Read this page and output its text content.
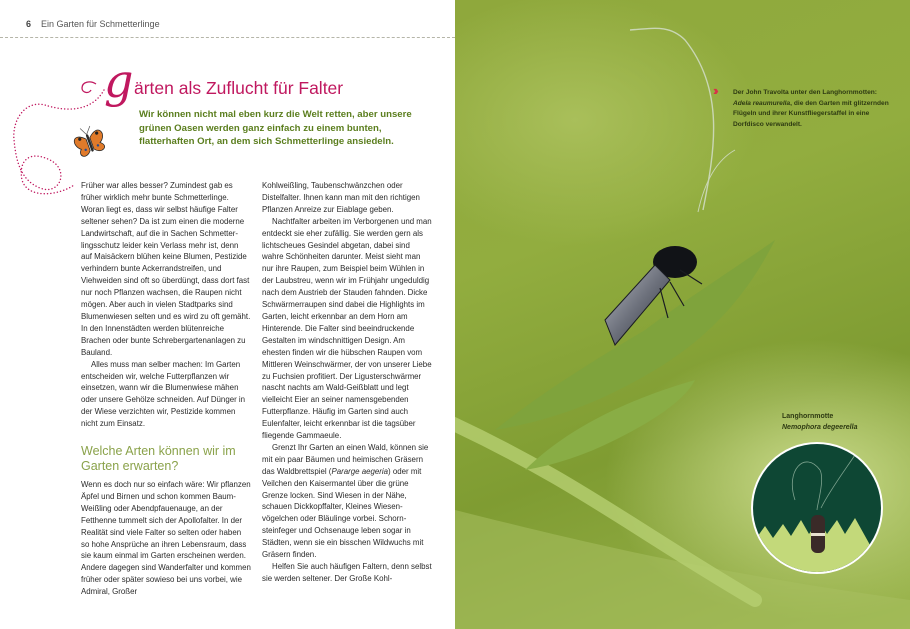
6 Ein Garten für Schmetterlinge
g ärten als Zuflucht für Falter
Wir können nicht mal eben kurz die Welt retten, aber unsere grünen Oasen werden ganz einfach zu einem bunten, flatterhaften Ort, an dem sich Schmetterlinge ansiedeln.

Früher war alles besser? Zumindest gab es früher wirklich mehr bunte Schmetterlinge. Woran liegt es, dass wir selbst häufige Falter seltener sehen? Da ist zum einen die moderne Landwirtschaft, auf die in Sachen Schmetterlingsschutz leider kein Verlass mehr ist, denn auf Maisäckern blühen keine Blumen, Pestizide verhindern bunte Ackerrandstreifen, und Viehweiden sind oft so überdüngt, dass dort fast nur noch Pflanzen wachsen, die Raupen nicht mögen. Aber auch in vielen Stadtparks sind Blumenwiesen selten und es wird zu oft gemäht. In den Innenstädten werden blütenreiche Brachen oder bunte Schrebergartenanlagen zu Bauland.

Alles muss man selber machen: Im Garten entscheiden wir, welche Futterpflanzen wir einsetzen, wann wir die Blumenwiese mähen oder unsere Gehölze schneiden. Auf Dünger in der Wiese verzichten wir, Pestizide kommen nicht zum Einsatz.

Welche Arten können wir im Garten erwarten?

Wenn es doch nur so einfach wäre: Wir pflanzen Äpfel und Birnen und schon kommen Baum-Weißling oder Abendpfauenauge, an der Fetthenne tummelt sich der Apollofalter. In der Realität sind viele Falter so selten oder haben so hohe Ansprüche an ihren Lebensraum, dass sie kaum einmal im Garten erscheinen werden. Andere dagegen sind Wanderfalter und kommen früher oder später sowieso bei uns vorbei, wie Admiral, Großer

Kohlweißling, Taubenschwänzchen oder Distelfalter. Ihnen kann man mit den richtigen Pflanzen Anreize zur Eiablage geben.

Nachtfalter arbeiten im Verborgenen und man entdeckt sie eher zufällig. Sie werden gern als lichtscheues Gesindel abgetan, dabei sind wahre Schönheiten darunter. Meist sieht man nur ihre Raupen, zum Beispiel beim Wühlen in der Laubstreu, wenn wir im Frühjahr ungeduldig nach dem Austrieb der Stauden fahnden. Dicke Schwärmerraupen sind dabei die Highlights im Garten, leicht erkennbar an dem Horn am Hinterende. Die Falter sind beeindruckende Gestalten im windschnittigen Design. Am ehesten finden wir die hübschen Raupen vom Mittleren Weinschwärmer, der von unserer Liebe zu Fuchsien profitiert. Der Ligusterschwärmer nascht nachts am Wald-Geißblatt und legt vielleicht Eier an seiner namensgebenden Futterpflanze. Häufig im Garten sind auch Eulenfalter, leicht erkennbar ist die tagsüber fliegende Gammaeule.

Grenzt Ihr Garten an einen Wald, können sie mit ein paar Bäumen und heimischen Gräsern das Waldbrettspiel (Pararge aegeria) oder mit Veilchen den Kaisermantel über die grüne Grenze locken. Sind Wiesen in der Nähe, schauen Dickkopffalter, Kleines Wiesenvögelchen oder Bläulinge vorbei. Schornsteinfeger und Ochsenauge leben sogar in Städten, wenn sie ein bisschen Wildwuchs mit Gräsern finden.

Helfen Sie auch häufigen Faltern, denn selbst sie werden seltener. Der Große Kohl-

››	Der John Travolta unter den Langhornmotten:
Adela reaumurella, die den Garten mit glitzernden Flügeln und ihrer Kunstfliegerstaffel in eine Dorfdisco verwandelt.
Langhornmotte
Nemophora degeerella
